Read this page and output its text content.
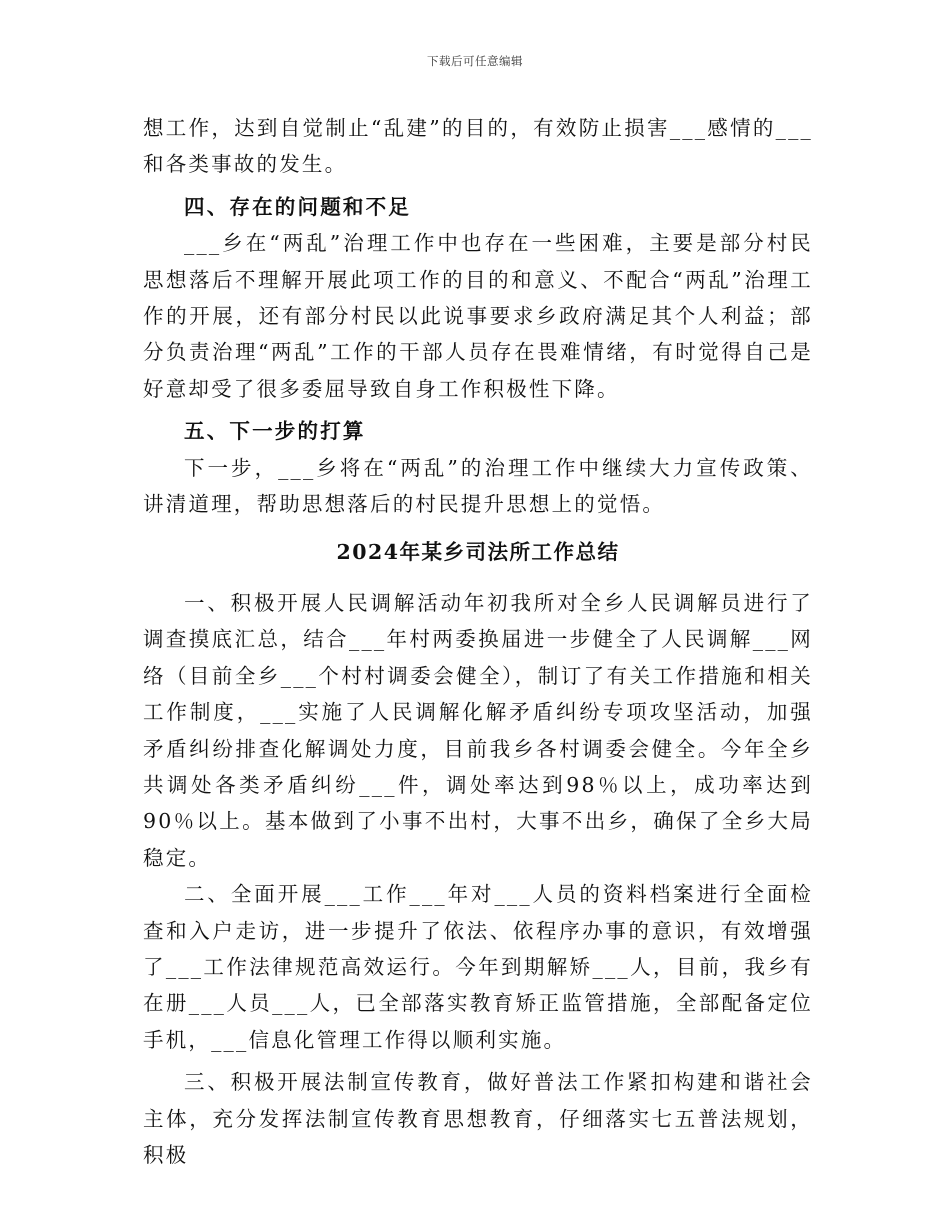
下载后可任意编辑

想工作，达到自觉制止“乱建”的目的，有效防止损害___感情的___和各类事故的发生。

四、存在的问题和不足

___乡在“两乱”治理工作中也存在一些困难，主要是部分村民思想落后不理解开展此项工作的目的和意义、不配合“两乱”治理工作的开展，还有部分村民以此说事要求乡政府满足其个人利益；部分负责治理“两乱”工作的干部人员存在畏难情绪，有时觉得自己是好意却受了很多委屈导致自身工作积极性下降。

五、下一步的打算

下一步，___乡将在“两乱”的治理工作中继续大力宣传政策、讲清道理，帮助思想落后的村民提升思想上的觉悟。

2024年某乡司法所工作总结

一、积极开展人民调解活动年初我所对全乡人民调解员进行了调查摸底汇总，结合___年村两委换届进一步健全了人民调解___网络（目前全乡___个村村调委会健全），制订了有关工作措施和相关工作制度，___实施了人民调解化解矛盾纠纷专项攻坚活动，加强矛盾纠纷排查化解调处力度，目前我乡各村调委会健全。今年全乡共调处各类矛盾纠纷___件，调处率达到98％以上，成功率达到90％以上。基本做到了小事不出村，大事不出乡，确保了全乡大局稳定。

二、全面开展___工作___年对___人员的资料档案进行全面检查和入户走访，进一步提升了依法、依程序办事的意识，有效增强了___工作法律规范高效运行。今年到期解矫___人，目前，我乡有在册___人员___人，已全部落实教育矫正监管措施，全部配备定位手机，___信息化管理工作得以顺利实施。

三、积极开展法制宣传教育，做好普法工作紧扣构建和谐社会主体，充分发挥法制宣传教育思想教育，仔细落实七五普法规划，积极
